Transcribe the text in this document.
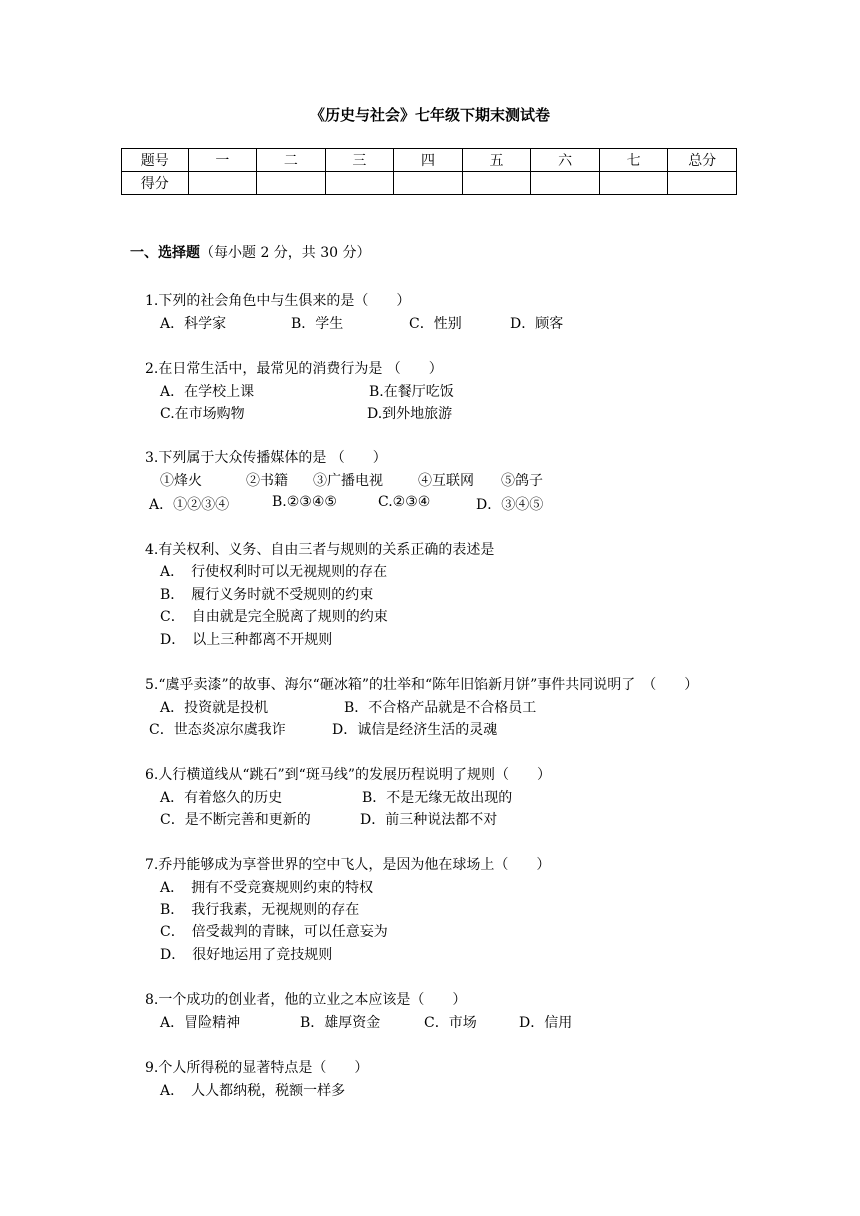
《历史与社会》七年级下期末测试卷
题号	一	二	三	四	五	六	七	总分
得分								
一、选择题（每小题 2 分，共 30 分）
1.下列的社会角色中与生俱来的是（　　）
A．科学家	B．学生	C．性别	D．顾客
2.在日常生活中，最常见的消费行为是 （　　）
A．在学校上课	B.在餐厅吃饭
C.在市场购物	D.到外地旅游
3.下列属于大众传播媒体的是 （　　）
①烽火	②书籍 ③广播电视	④互联网 ⑤鸽子
A．①②③④	B.②③④⑤	C.②③④	D．③④⑤
4.有关权利、义务、自由三者与规则的关系正确的表述是
A．　行使权利时可以无视规则的存在
B．　履行义务时就不受规则的约束
C．　自由就是完全脱离了规则的约束
D．　以上三种都离不开规则
5.“虞乎卖漆”的故事、海尔“砸冰箱”的壮举和“陈年旧馅新月饼”事件共同说明了　（　　）
A．投资就是投机	B．不合格产品就是不合格员工
C．世态炎凉尔虞我诈	D．诚信是经济生活的灵魂
6.人行横道线从“跳石”到“斑马线”的发展历程说明了规则（　　）
A．有着悠久的历史	B．不是无缘无故出现的
C．是不断完善和更新的	D．前三种说法都不对
7.乔丹能够成为享誉世界的空中飞人，是因为他在球场上（　　）
A．　拥有不受竞赛规则约束的特权
B．　我行我素，无视规则的存在
C．　倍受裁判的青睐，可以任意妄为
D．　很好地运用了竞技规则
8.一个成功的创业者，他的立业之本应该是（　　）
A．冒险精神	B．雄厚资金	C．市场	D．信用
9.个人所得税的显著特点是（　　）
A．　人人都纳税，税额一样多
